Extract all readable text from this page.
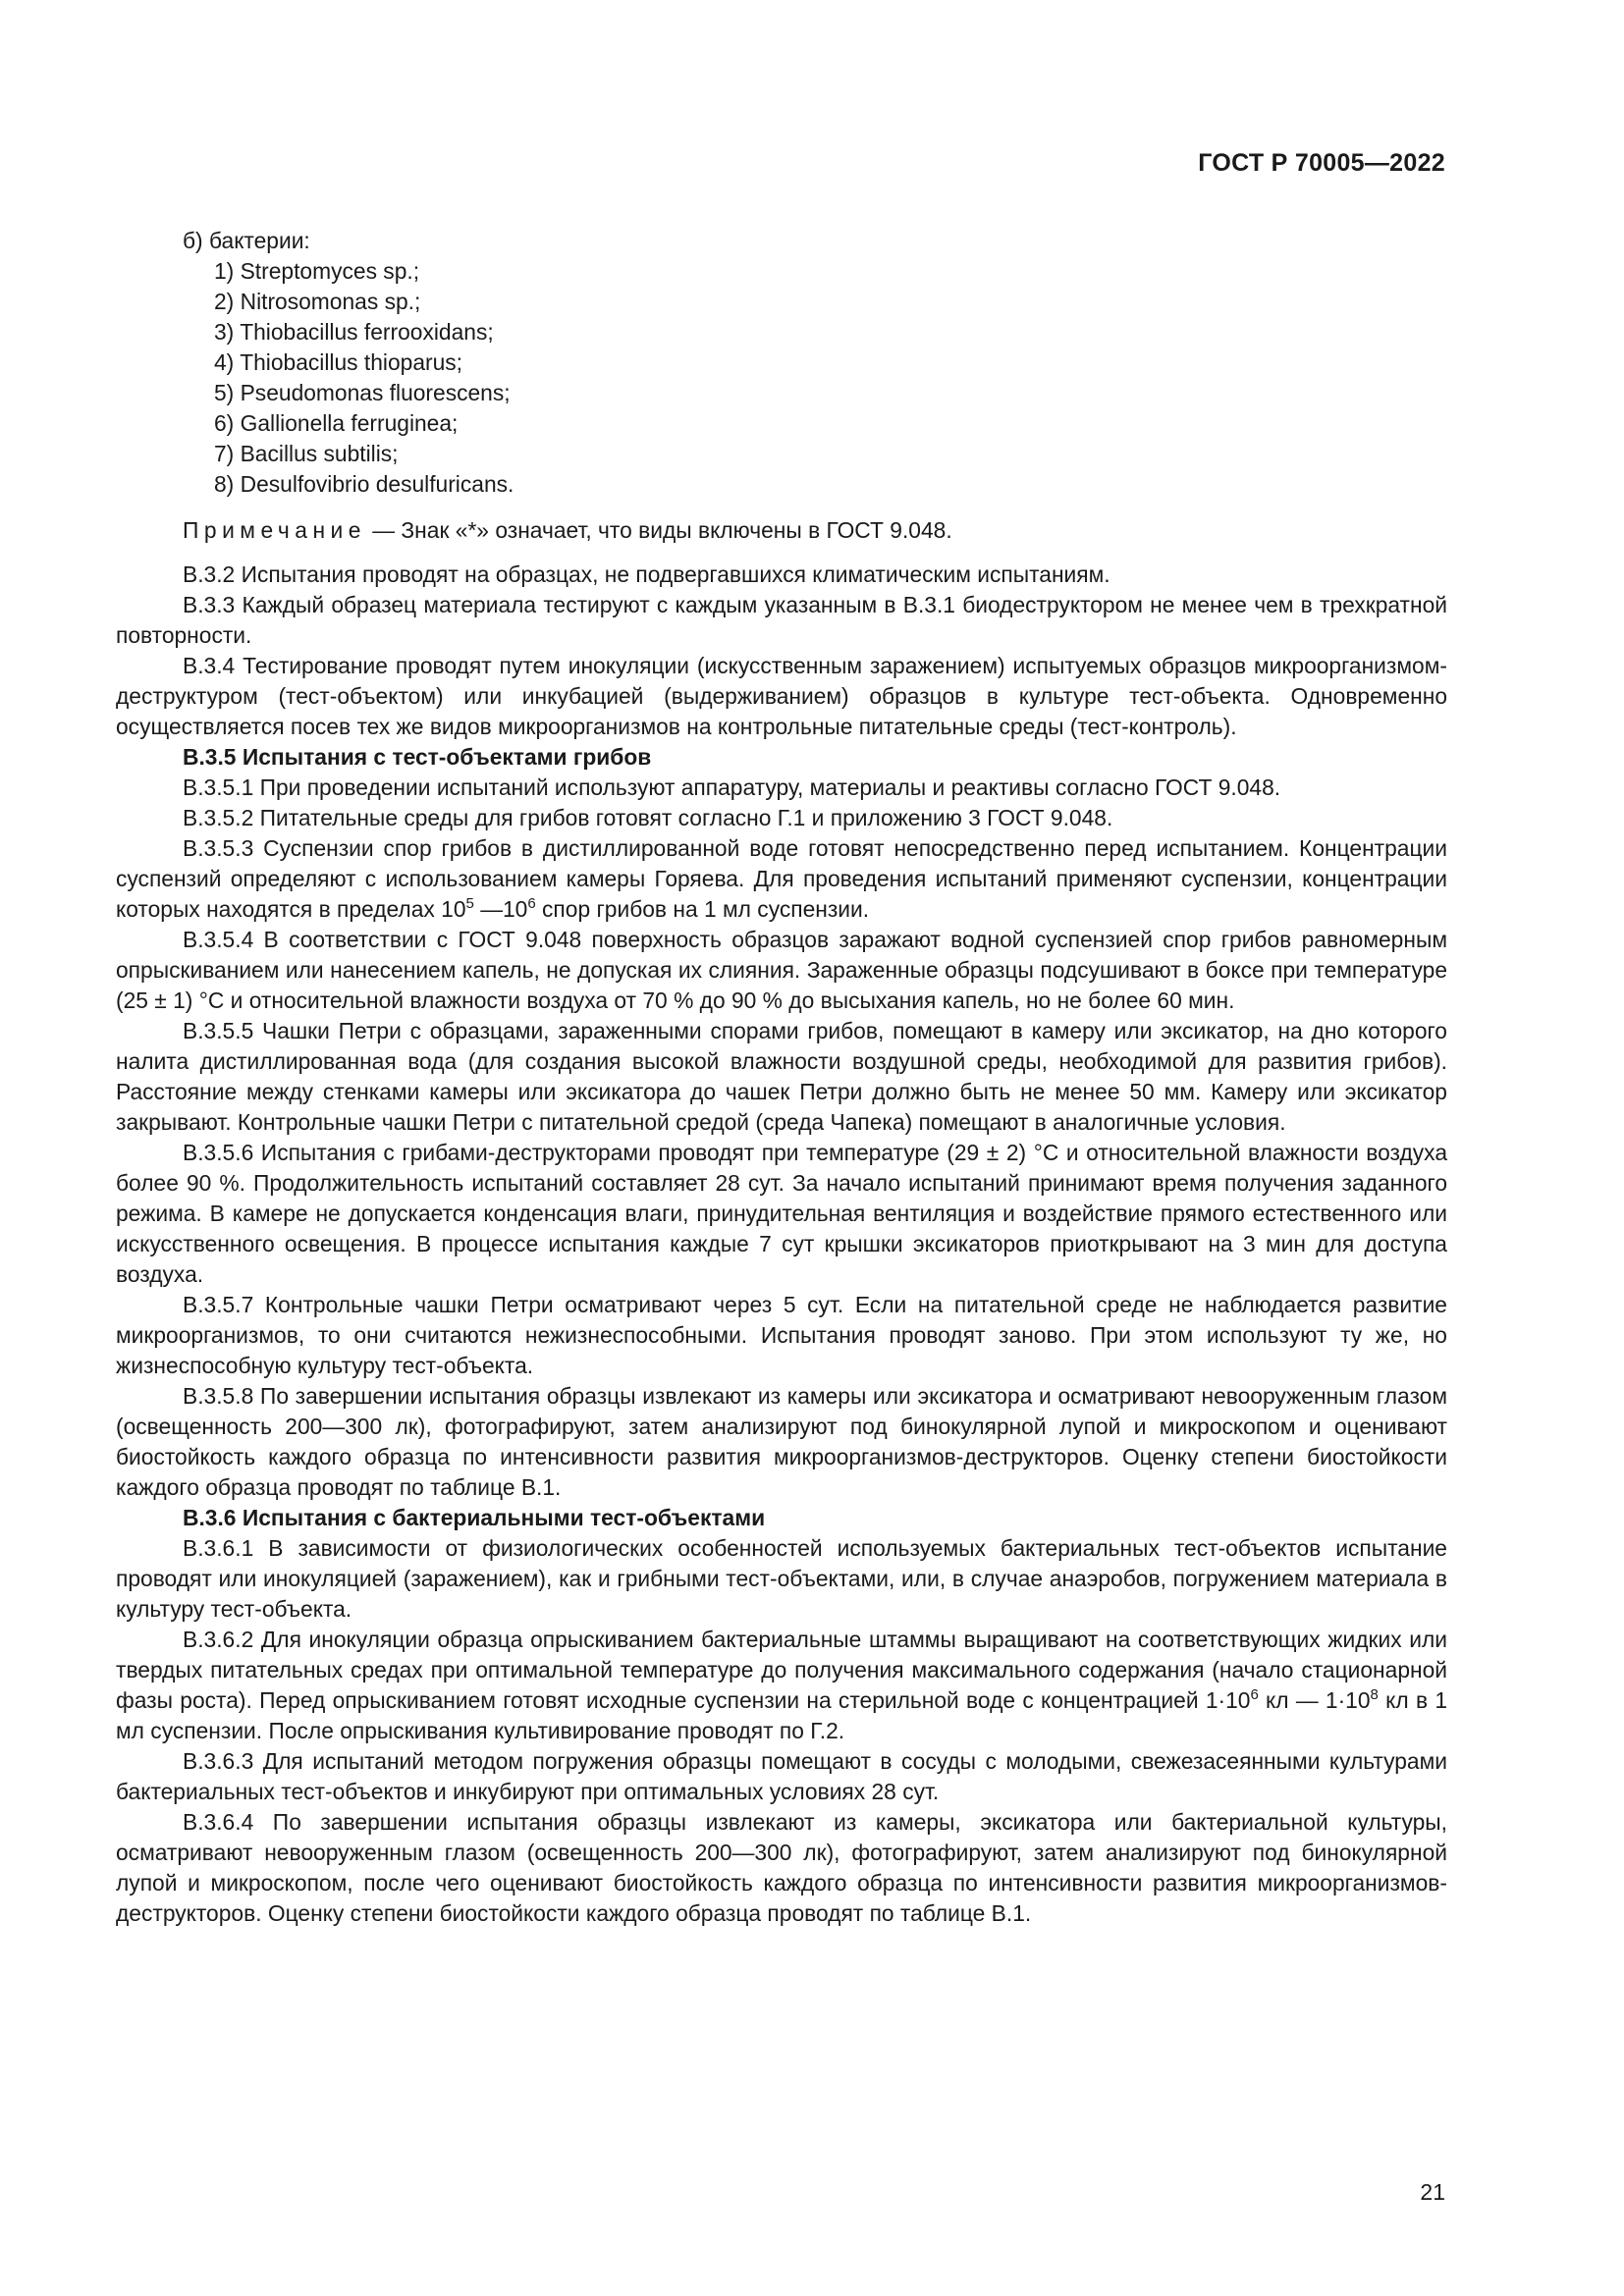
ГОСТ Р 70005—2022
б) бактерии:
1) Streptomyces sp.;
2) Nitrosomonas sp.;
3) Thiobacillus ferrooxidans;
4) Thiobacillus thioparus;
5) Pseudomonas fluorescens;
6) Gallionella ferruginea;
7) Bacillus subtilis;
8) Desulfovibrio desulfuricans.

Примечание — Знак «*» означает, что виды включены в ГОСТ 9.048.

В.3.2 Испытания проводят на образцах, не подвергавшихся климатическим испытаниям.

В.3.3 Каждый образец материала тестируют с каждым указанным в В.3.1 биодеструктором не менее чем в трехкратной повторности.

В.3.4 Тестирование проводят путем инокуляции (искусственным заражением) испытуемых образцов микроорганизмом-деструктуром (тест-объектом) или инкубацией (выдерживанием) образцов в культуре тест-объекта. Одновременно осуществляется посев тех же видов микроорганизмов на контрольные питательные среды (тест-контроль).

В.3.5 Испытания с тест-объектами грибов

В.3.5.1 При проведении испытаний используют аппаратуру, материалы и реактивы согласно ГОСТ 9.048.

В.3.5.2 Питательные среды для грибов готовят согласно Г.1 и приложению 3 ГОСТ 9.048.

В.3.5.3 Суспензии спор грибов в дистиллированной воде готовят непосредственно перед испытанием. Концентрации суспензий определяют с использованием камеры Горяева. Для проведения испытаний применяют суспензии, концентрации которых находятся в пределах $10^5$ $—10^6$ спор грибов на 1 мл суспензии.

В.3.5.4 В соответствии с ГОСТ 9.048 поверхность образцов заражают водной суспензией спор грибов равномерным опрыскиванием или нанесением капель, не допуская их слияния. Зараженные образцы подсушивают в боксе при температуре (25 ± 1) °С и относительной влажности воздуха от 70 % до 90 % до высыхания капель, но не более 60 мин.

В.3.5.5 Чашки Петри с образцами, зараженными спорами грибов, помещают в камеру или эксикатор, на дно которого налита дистиллированная вода (для создания высокой влажности воздушной среды, необходимой для развития грибов). Расстояние между стенками камеры или эксикатора до чашек Петри должно быть не менее 50 мм. Камеру или эксикатор закрывают. Контрольные чашки Петри с питательной средой (среда Чапека) помещают в аналогичные условия.

В.3.5.6 Испытания с грибами-деструкторами проводят при температуре (29 ± 2) °С и относительной влажности воздуха более 90 %. Продолжительность испытаний составляет 28 сут. За начало испытаний принимают время получения заданного режима. В камере не допускается конденсация влаги, принудительная вентиляция и воздействие прямого естественного или искусственного освещения. В процессе испытания каждые 7 сут крышки эксикаторов приоткрывают на 3 мин для доступа воздуха.

В.3.5.7 Контрольные чашки Петри осматривают через 5 сут. Если на питательной среде не наблюдается развитие микроорганизмов, то они считаются нежизнеспособными. Испытания проводят заново. При этом используют ту же, но жизнеспособную культуру тест-объекта.

В.3.5.8 По завершении испытания образцы извлекают из камеры или эксикатора и осматривают невооруженным глазом (освещенность 200—300 лк), фотографируют, затем анализируют под бинокулярной лупой и микроскопом и оценивают биостойкость каждого образца по интенсивности развития микроорганизмов-деструкторов. Оценку степени биостойкости каждого образца проводят по таблице В.1.

В.3.6 Испытания с бактериальными тест-объектами

В.3.6.1 В зависимости от физиологических особенностей используемых бактериальных тест-объектов испытание проводят или инокуляцией (заражением), как и грибными тест-объектами, или, в случае анаэробов, погружением материала в культуру тест-объекта.

В.3.6.2 Для инокуляции образца опрыскиванием бактериальные штаммы выращивают на соответствующих жидких или твердых питательных средах при оптимальной температуре до получения максимального содержания (начало стационарной фазы роста). Перед опрыскиванием готовят исходные суспензии на стерильной воде с концентрацией $1\cdot 10^6$ кл — $1\cdot 10^8$ кл в 1 мл суспензии. После опрыскивания культивирование проводят по Г.2.

В.3.6.3 Для испытаний методом погружения образцы помещают в сосуды с молодыми, свежезасеянными культурами бактериальных тест-объектов и инкубируют при оптимальных условиях 28 сут.

В.3.6.4 По завершении испытания образцы извлекают из камеры, эксикатора или бактериальной культуры, осматривают невооруженным глазом (освещенность 200—300 лк), фотографируют, затем анализируют под бинокулярной лупой и микроскопом, после чего оценивают биостойкость каждого образца по интенсивности развития микроорганизмов-деструкторов. Оценку степени биостойкости каждого образца проводят по таблице В.1.

21
